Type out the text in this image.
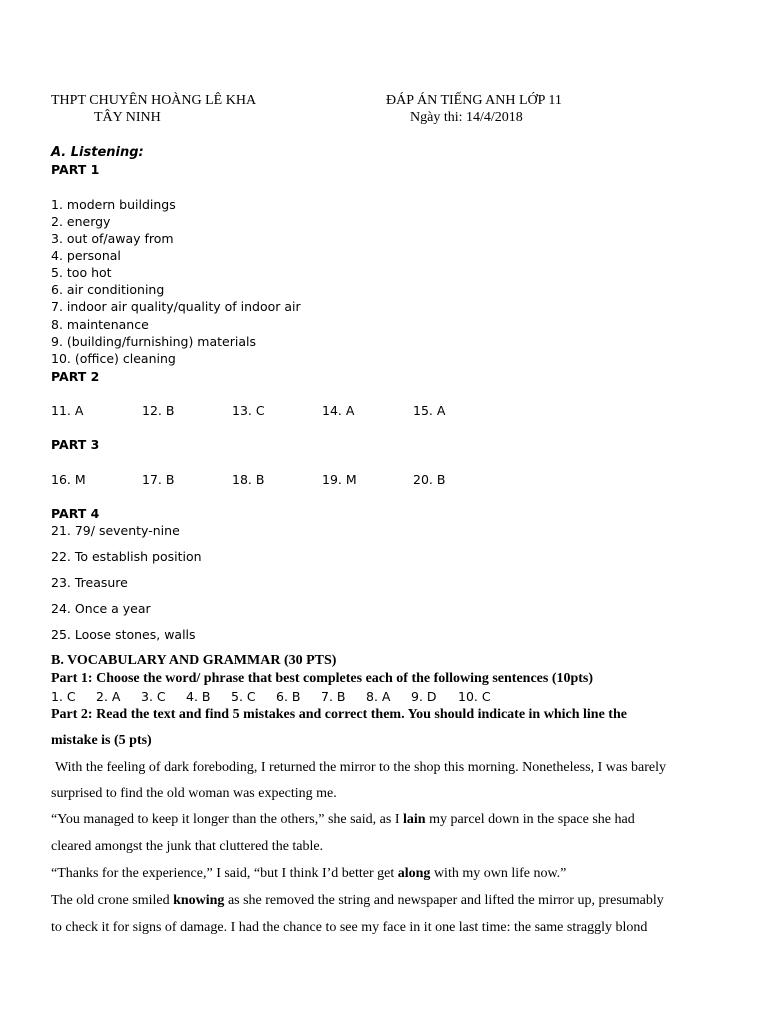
THPT CHUYÊN HOÀNG LÊ KHA
TÂY NINH
ĐÁP ÁN TIẾNG ANH LỚP 11
Ngày thi: 14/4/2018
A. Listening:
PART 1
1. modern buildings
2. energy
3. out of/away from
4. personal
5. too hot
6. air conditioning
7. indoor air quality/quality of indoor air
8. maintenance
9. (building/furnishing) materials
10. (office) cleaning
PART 2
11. A	12. B	13. C	14. A	15. A
PART 3
16. M	17. B	18. B	19. M	20. B
PART 4
21. 79/ seventy-nine
22. To establish position
23. Treasure
24. Once a year
25. Loose stones, walls
B. VOCABULARY AND GRAMMAR (30 PTS)
Part 1: Choose the word/ phrase that best completes each of the following sentences (10pts)
1. C 2. A 3. C 4. B 5. C 6. B 7. B 8. A 9. D 10. C
Part 2: Read the text and find 5 mistakes and correct them. You should indicate in which line the
mistake is (5 pts)
With the feeling of dark foreboding, I returned the mirror to the shop this morning. Nonetheless, I was barely
surprised to find the old woman was expecting me.
“You managed to keep it longer than the others,” she said, as I lain my parcel down in the space she had
cleared amongst the junk that cluttered the table.
“Thanks for the experience,” I said, “but I think I’d better get along with my own life now.”
The old crone smiled knowing as she removed the string and newspaper and lifted the mirror up, presumably
to check it for signs of damage. I had the chance to see my face in it one last time: the same straggly blond
